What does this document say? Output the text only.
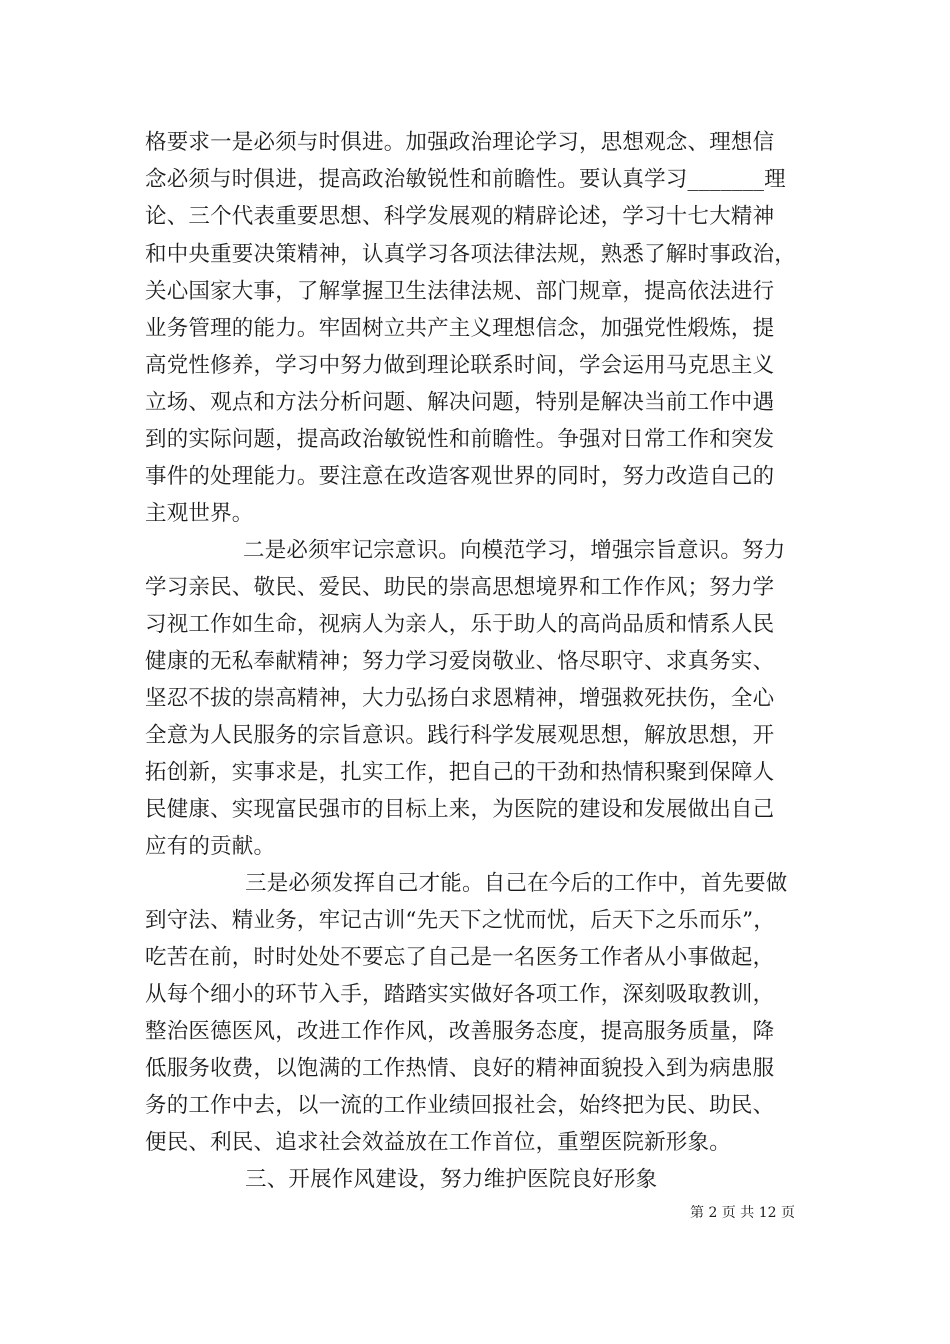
格要求一是必须与时俱进。加强政治理论学习，思想观念、理想信
念必须与时俱进，提高政治敏锐性和前瞻性。要认真学习_______理
论、三个代表重要思想、科学发展观的精辟论述，学习十七大精神
和中央重要决策精神，认真学习各项法律法规，熟悉了解时事政治，
关心国家大事，了解掌握卫生法律法规、部门规章，提高依法进行
业务管理的能力。牢固树立共产主义理想信念，加强党性煅炼，提
高党性修养，学习中努力做到理论联系时间，学会运用马克思主义
立场、观点和方法分析问题、解决问题，特别是解决当前工作中遇
到的实际问题，提高政治敏锐性和前瞻性。争强对日常工作和突发
事件的处理能力。要注意在改造客观世界的同时，努力改造自己的
主观世界。
二是必须牢记宗意识。向模范学习，增强宗旨意识。努力
学习亲民、敬民、爱民、助民的崇高思想境界和工作作风；努力学
习视工作如生命，视病人为亲人，乐于助人的高尚品质和情系人民
健康的无私奉献精神；努力学习爱岗敬业、恪尽职守、求真务实、
坚忍不拔的崇高精神，大力弘扬白求恩精神，增强救死扶伤，全心
全意为人民服务的宗旨意识。践行科学发展观思想，解放思想，开
拓创新，实事求是，扎实工作，把自己的干劲和热情积聚到保障人
民健康、实现富民强市的目标上来，为医院的建设和发展做出自己
应有的贡献。
三是必须发挥自己才能。自己在今后的工作中，首先要做
到守法、精业务，牢记古训“先天下之忧而忧，后天下之乐而乐”，
吃苦在前，时时处处不要忘了自己是一名医务工作者从小事做起，
从每个细小的环节入手，踏踏实实做好各项工作，深刻吸取教训，
整治医德医风，改进工作作风，改善服务态度，提高服务质量，降
低服务收费，以饱满的工作热情、良好的精神面貌投入到为病患服
务的工作中去，以一流的工作业绩回报社会，始终把为民、助民、
便民、利民、追求社会效益放在工作首位，重塑医院新形象。
三、开展作风建设，努力维护医院良好形象
第 2 页 共 12 页
